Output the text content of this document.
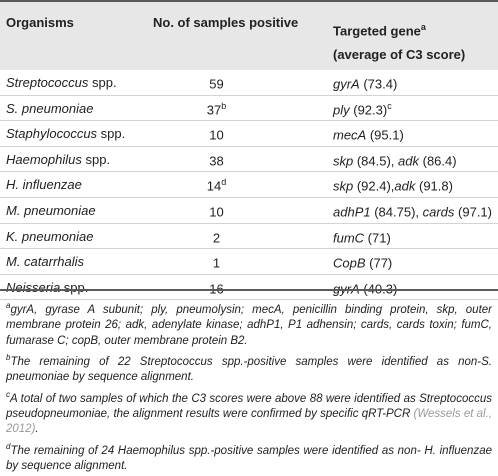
Organisms	No. of samples positive
Targeted gene$^a$
(average of C3 score)
Streptococcus spp.	59	gyrA (73.4)
S. pneumoniae	37$^b$	ply $(92.3)^c$
Staphylococcus spp.	10	mecA (95.1)
Haemophilus spp.	38	skp (84.5), adk (86.4)
H. influenzae	14$^d$	skp (92.4),adk (91.8)
M. pneumoniae	10	adhP1 (84.75), cards (97.1)
K. pneumoniae	2	fumC (71)
M. catarrhalis	1	CopB (77)
Neisseria spp.	16	gyrA (40.3)

$^a$gyrA, gyrase A subunit; ply, pneumolysin; mecA, penicillin binding protein, skp, outer membrane protein 26; adk, adenylate kinase; adhP1, P1 adhensin; cards, cards toxin; fumC, fumarase C; copB, outer membrane protein B2.

$^b$The remaining of 22 Streptococcus spp.-positive samples were identified as non-S. pneumoniae by sequence alignment.

$^c$A total of two samples of which the C3 scores were above 88 were identified as Streptococcus pseudopneumoniae, the alignment results were confirmed by specific qRT-PCR (Wessels et al., 2012).

$^d$The remaining of 24 Haemophilus spp.-positive samples were identified as non- H. influenzae by sequence alignment.
